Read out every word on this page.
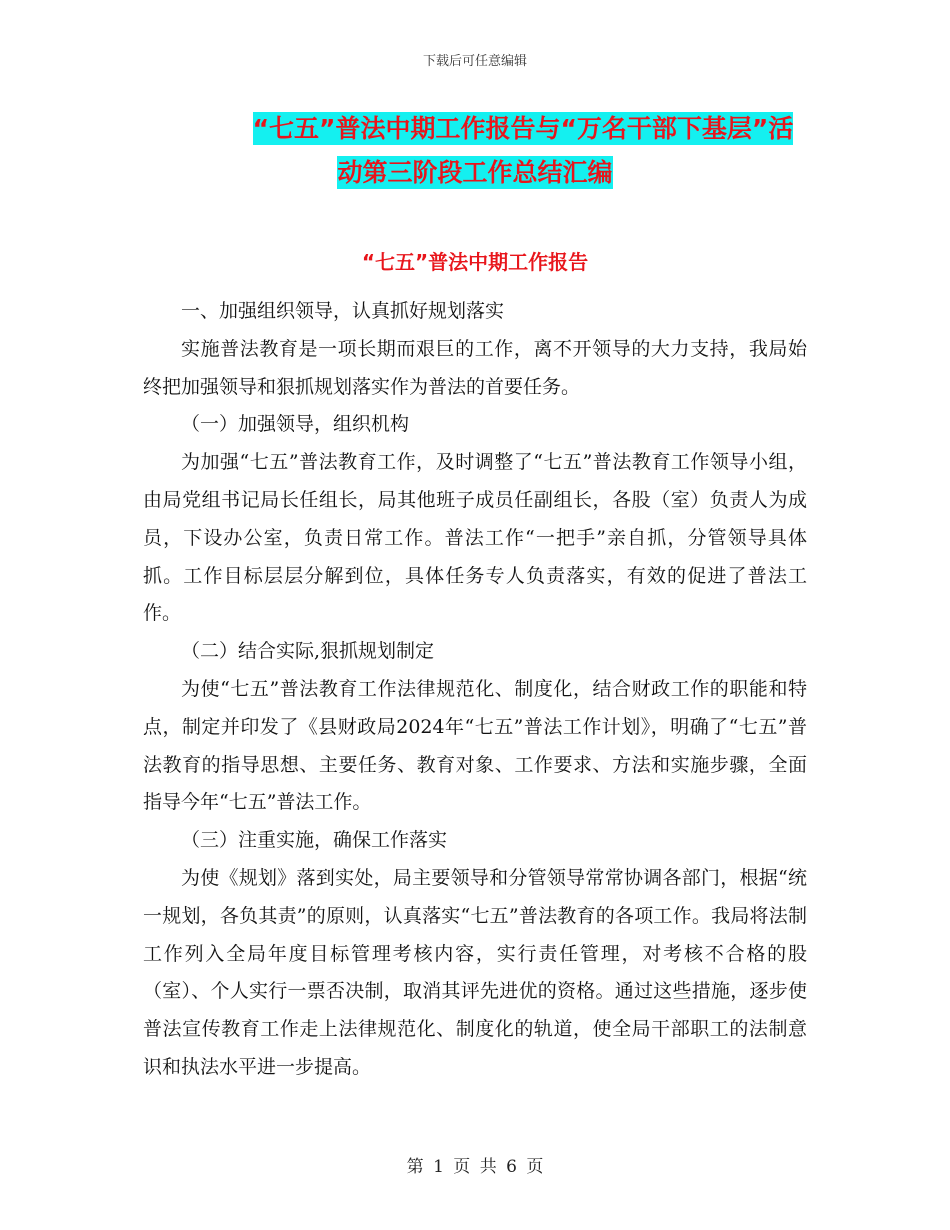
下载后可任意编辑
“七五”普法中期工作报告与“万名干部下基层”活
动第三阶段工作总结汇编
“七五”普法中期工作报告

一、加强组织领导，认真抓好规划落实

实施普法教育是一项长期而艰巨的工作，离不开领导的大力支持，我局始终把加强领导和狠抓规划落实作为普法的首要任务。

（一）加强领导，组织机构

为加强“七五”普法教育工作，及时调整了“七五”普法教育工作领导小组，由局党组书记局长任组长，局其他班子成员任副组长，各股（室）负责人为成员，下设办公室，负责日常工作。普法工作“一把手”亲自抓，分管领导具体抓。工作目标层层分解到位，具体任务专人负责落实，有效的促进了普法工作。

（二）结合实际,狠抓规划制定

为使“七五”普法教育工作法律规范化、制度化，结合财政工作的职能和特点，制定并印发了《县财政局2024年“七五”普法工作计划》，明确了“七五”普法教育的指导思想、主要任务、教育对象、工作要求、方法和实施步骤，全面指导今年“七五”普法工作。

（三）注重实施，确保工作落实

为使《规划》落到实处，局主要领导和分管领导常常协调各部门，根据“统一规划，各负其责”的原则，认真落实“七五”普法教育的各项工作。我局将法制工作列入全局年度目标管理考核内容，实行责任管理，对考核不合格的股（室）、个人实行一票否决制，取消其评先进优的资格。通过这些措施，逐步使普法宣传教育工作走上法律规范化、制度化的轨道，使全局干部职工的法制意识和执法水平进一步提高。

第 1 页 共 6 页
